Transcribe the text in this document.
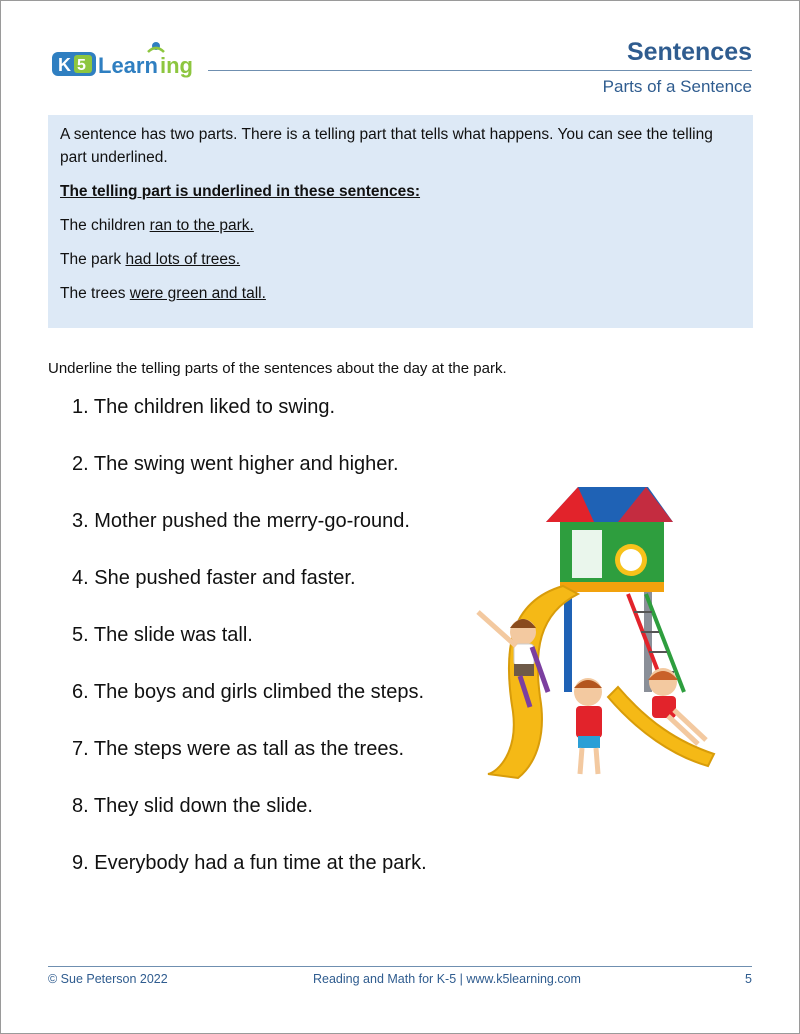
K 5 Learn ing	Sentences
Parts of a Sentence

A sentence has two parts. There is a telling part that tells what happens. You can see the telling part underlined.

The telling part is underlined in these sentences:

The children ran to the park.

The park had lots of trees.

The trees were green and tall.

Underline the telling parts of the sentences about the day at the park.
1. The children liked to swing.
2. The swing went higher and higher.
3. Mother pushed the merry-go-round.
4. She pushed faster and faster.
5. The slide was tall.
6. The boys and girls climbed the steps.
7. The steps were as tall as the trees.
8. They slid down the slide.
9. Everybody had a fun time at the park.
© Sue Peterson 2022	Reading and Math for K-5 | www.k5learning.com	5
